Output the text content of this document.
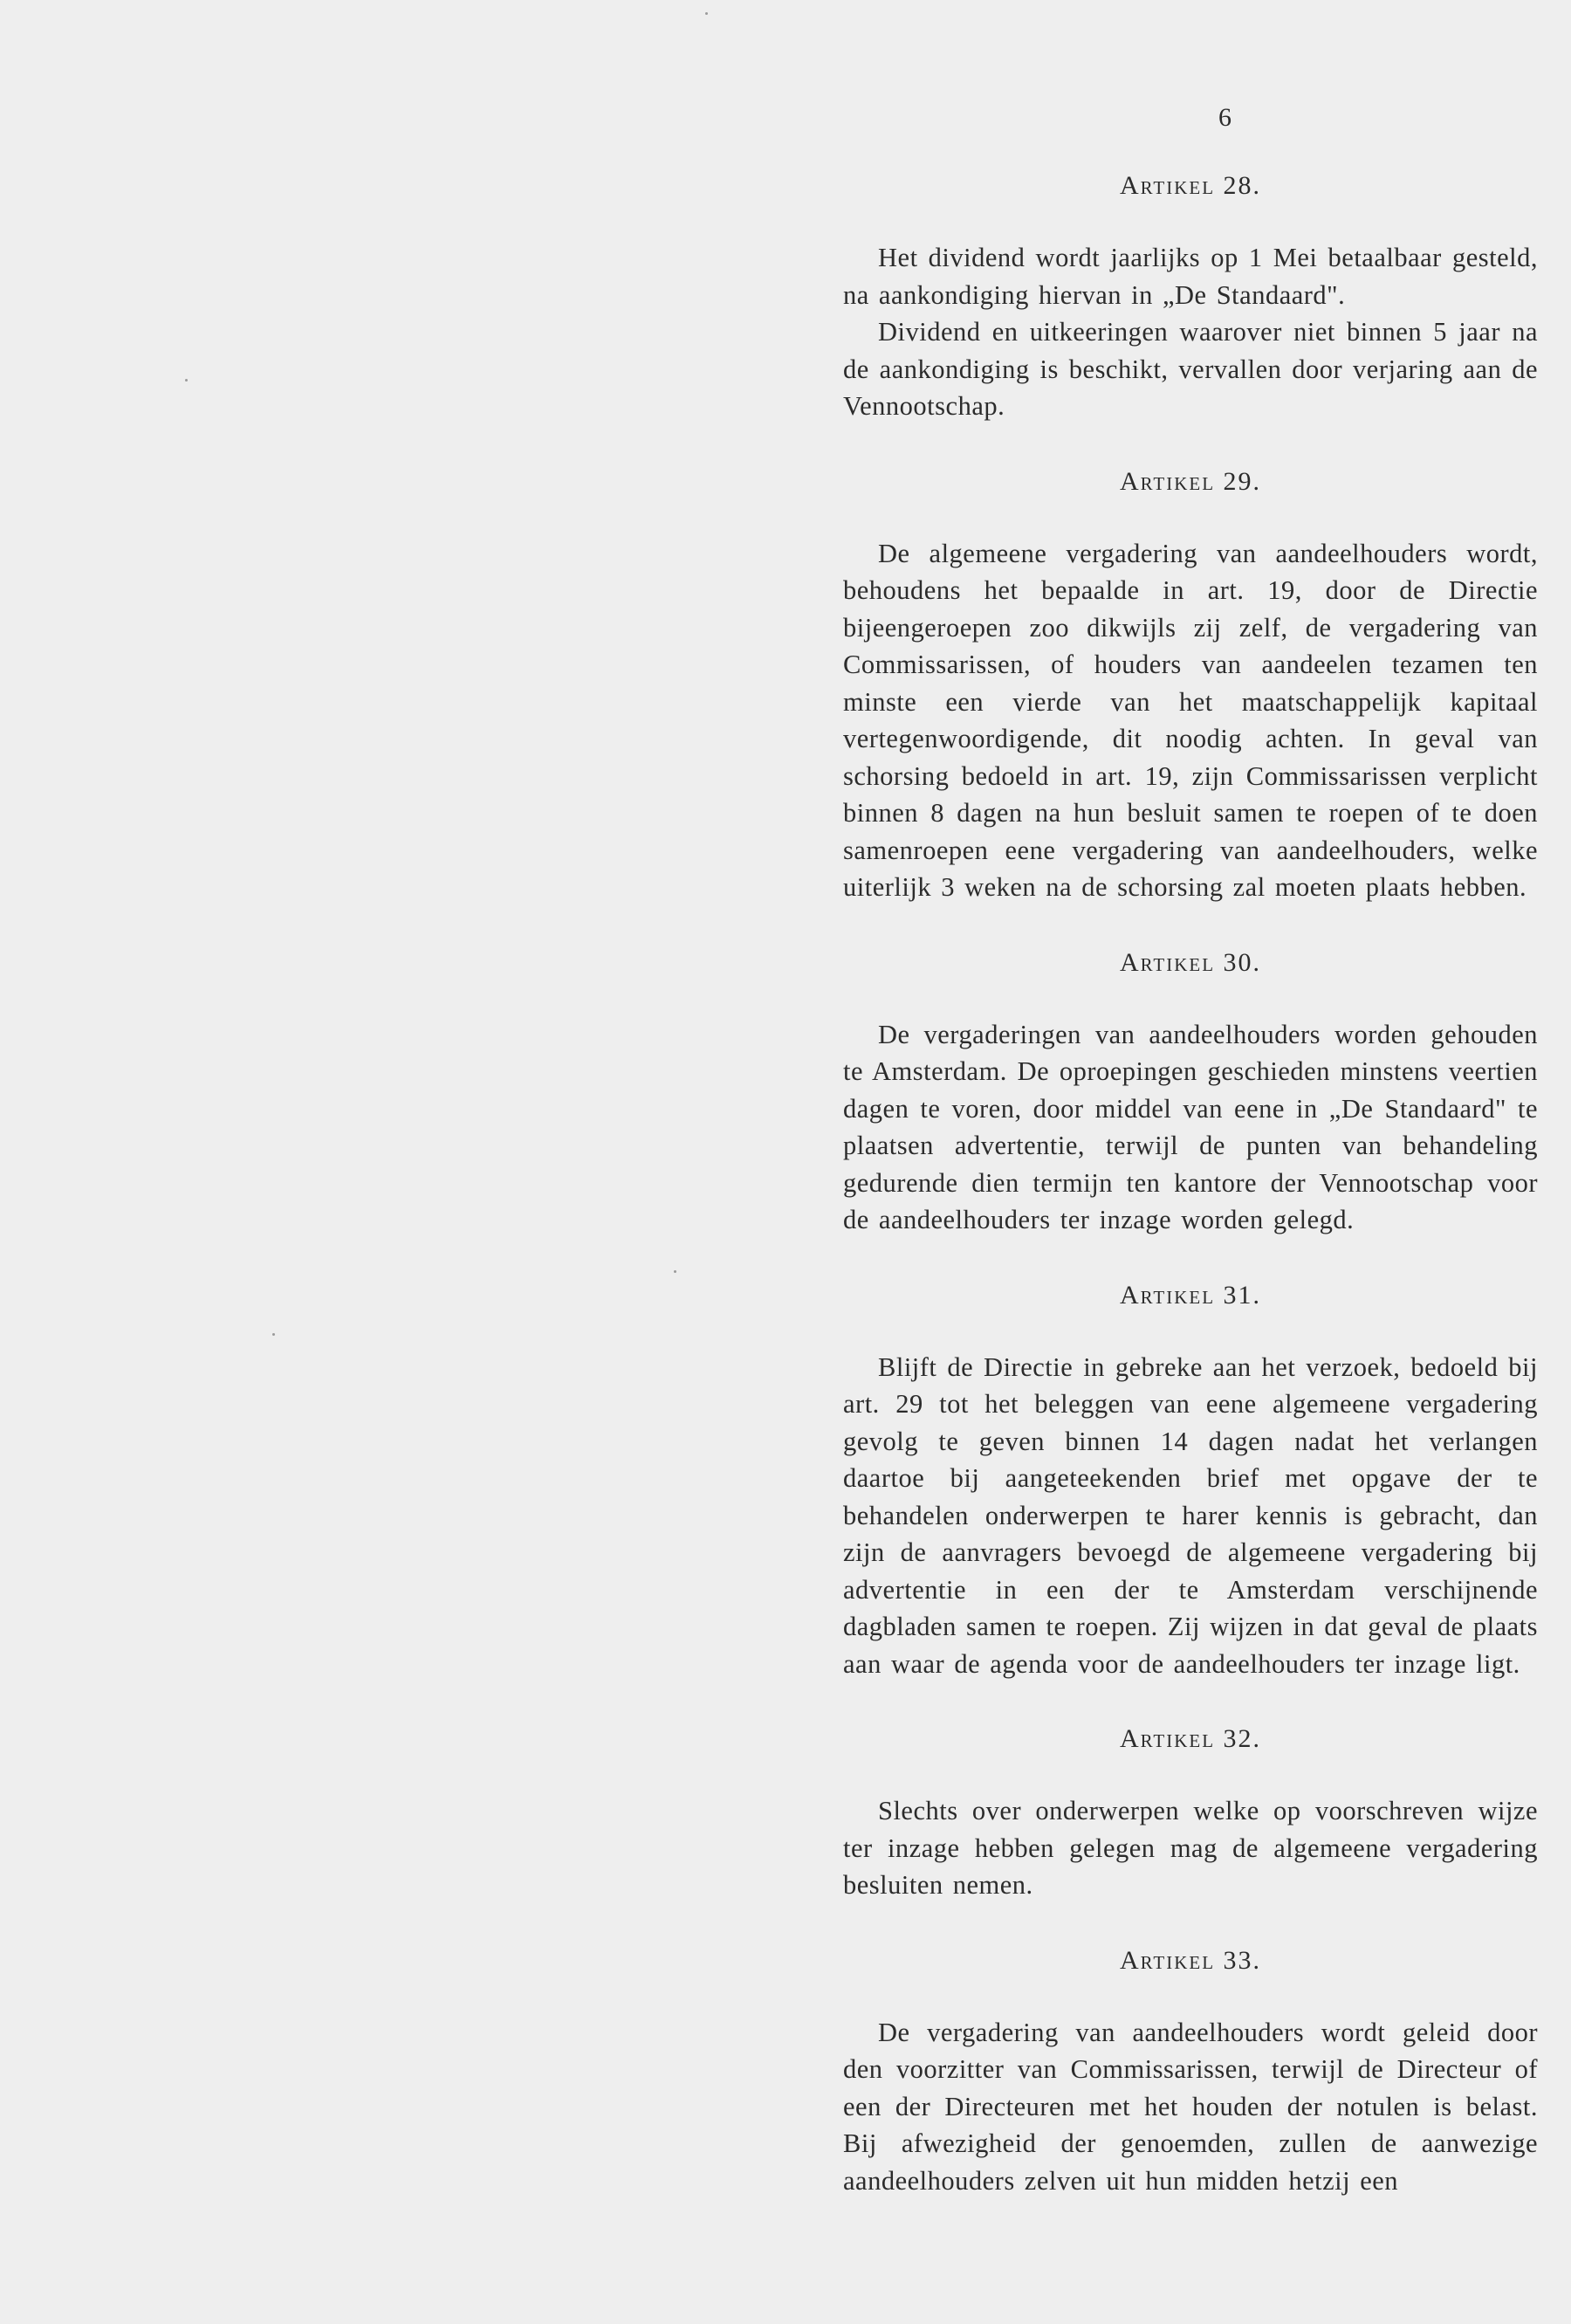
6
Artikel 28.

Het dividend wordt jaarlijks op 1 Mei betaalbaar gesteld, na aankondiging hiervan in „De Standaard".

Dividend en uitkeeringen waarover niet binnen 5 jaar na de aankondiging is beschikt, vervallen door verjaring aan de Vennootschap.

Artikel 29.

De algemeene vergadering van aandeelhouders wordt, behoudens het bepaalde in art. 19, door de Directie bijeengeroepen zoo dikwijls zij zelf, de vergadering van Commissarissen, of houders van aandeelen tezamen ten minste een vierde van het maatschappelijk kapitaal vertegenwoordigende, dit noodig achten. In geval van schorsing bedoeld in art. 19, zijn Commissarissen verplicht binnen 8 dagen na hun besluit samen te roepen of te doen samenroepen eene vergadering van aandeelhouders, welke uiterlijk 3 weken na de schorsing zal moeten plaats hebben.

Artikel 30.

De vergaderingen van aandeelhouders worden gehouden te Amsterdam. De oproepingen geschieden minstens veertien dagen te voren, door middel van eene in „De Standaard" te plaatsen advertentie, terwijl de punten van behandeling gedurende dien termijn ten kantore der Vennootschap voor de aandeelhouders ter inzage worden gelegd.

Artikel 31.

Blijft de Directie in gebreke aan het verzoek, bedoeld bij art. 29 tot het beleggen van eene algemeene vergadering gevolg te geven binnen 14 dagen nadat het verlangen daartoe bij aangeteekenden brief met opgave der te behandelen onderwerpen te harer kennis is gebracht, dan zijn de aanvragers bevoegd de algemeene vergadering bij advertentie in een der te Amsterdam verschijnende dagbladen samen te roepen. Zij wijzen in dat geval de plaats aan waar de agenda voor de aandeelhouders ter inzage ligt.

Artikel 32.

Slechts over onderwerpen welke op voorschreven wijze ter inzage hebben gelegen mag de algemeene vergadering besluiten nemen.

Artikel 33.

De vergadering van aandeelhouders wordt geleid door den voorzitter van Commissarissen, terwijl de Directeur of een der Directeuren met het houden der notulen is belast. Bij afwezigheid der genoemden, zullen de aanwezige aandeelhouders zelven uit hun midden hetzij een
